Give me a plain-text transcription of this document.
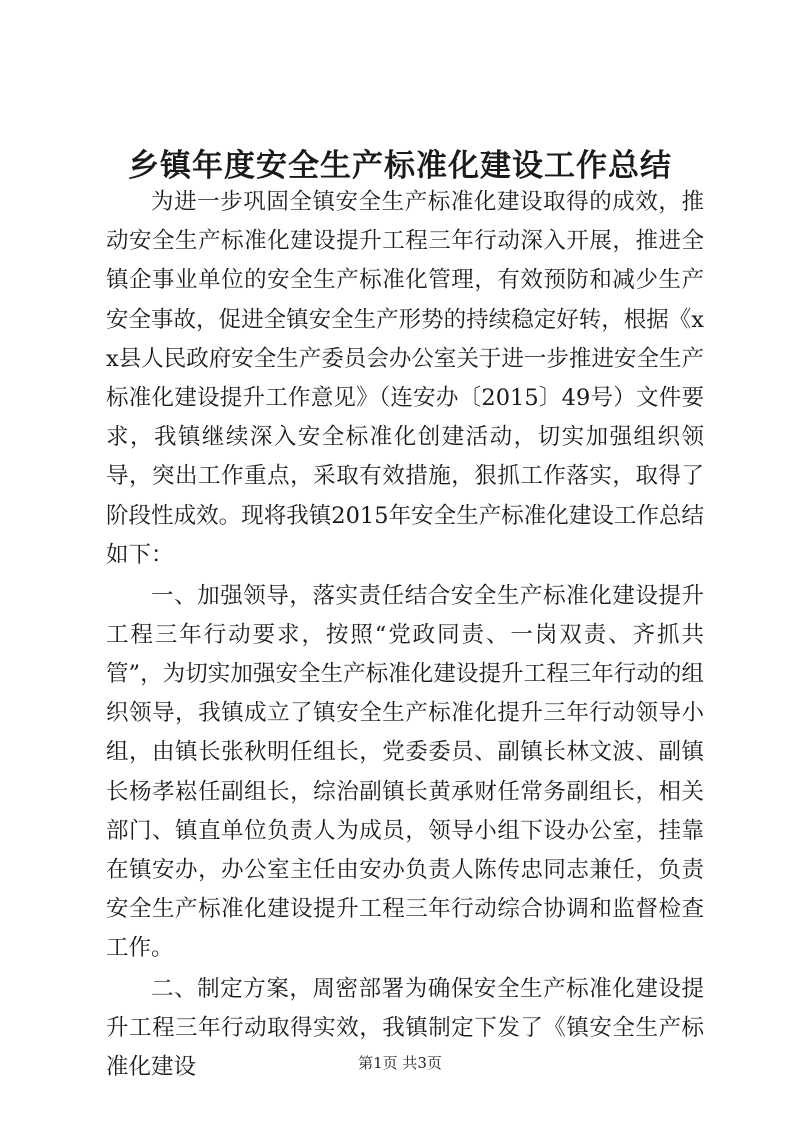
乡镇年度安全生产标准化建设工作总结

为进一步巩固全镇安全生产标准化建设取得的成效，推动安全生产标准化建设提升工程三年行动深入开展，推进全镇企事业单位的安全生产标准化管理，有效预防和减少生产安全事故，促进全镇安全生产形势的持续稳定好转，根据《xx县人民政府安全生产委员会办公室关于进一步推进安全生产标准化建设提升工作意见》（连安办〔2015〕49号）文件要求，我镇继续深入安全标准化创建活动，切实加强组织领导，突出工作重点，采取有效措施，狠抓工作落实，取得了阶段性成效。现将我镇2015年安全生产标准化建设工作总结如下：

一、加强领导，落实责任结合安全生产标准化建设提升工程三年行动要求，按照“党政同责、一岗双责、齐抓共管”，为切实加强安全生产标准化建设提升工程三年行动的组织领导，我镇成立了镇安全生产标准化提升三年行动领导小组，由镇长张秋明任组长，党委委员、副镇长林文波、副镇长杨孝崧任副组长，综治副镇长黄承财任常务副组长，相关部门、镇直单位负责人为成员，领导小组下设办公室，挂靠在镇安办，办公室主任由安办负责人陈传忠同志兼任，负责安全生产标准化建设提升工程三年行动综合协调和监督检查工作。

二、制定方案，周密部署为确保安全生产标准化建设提升工程三年行动取得实效，我镇制定下发了《镇安全生产标准化建设	第1页 共3页
